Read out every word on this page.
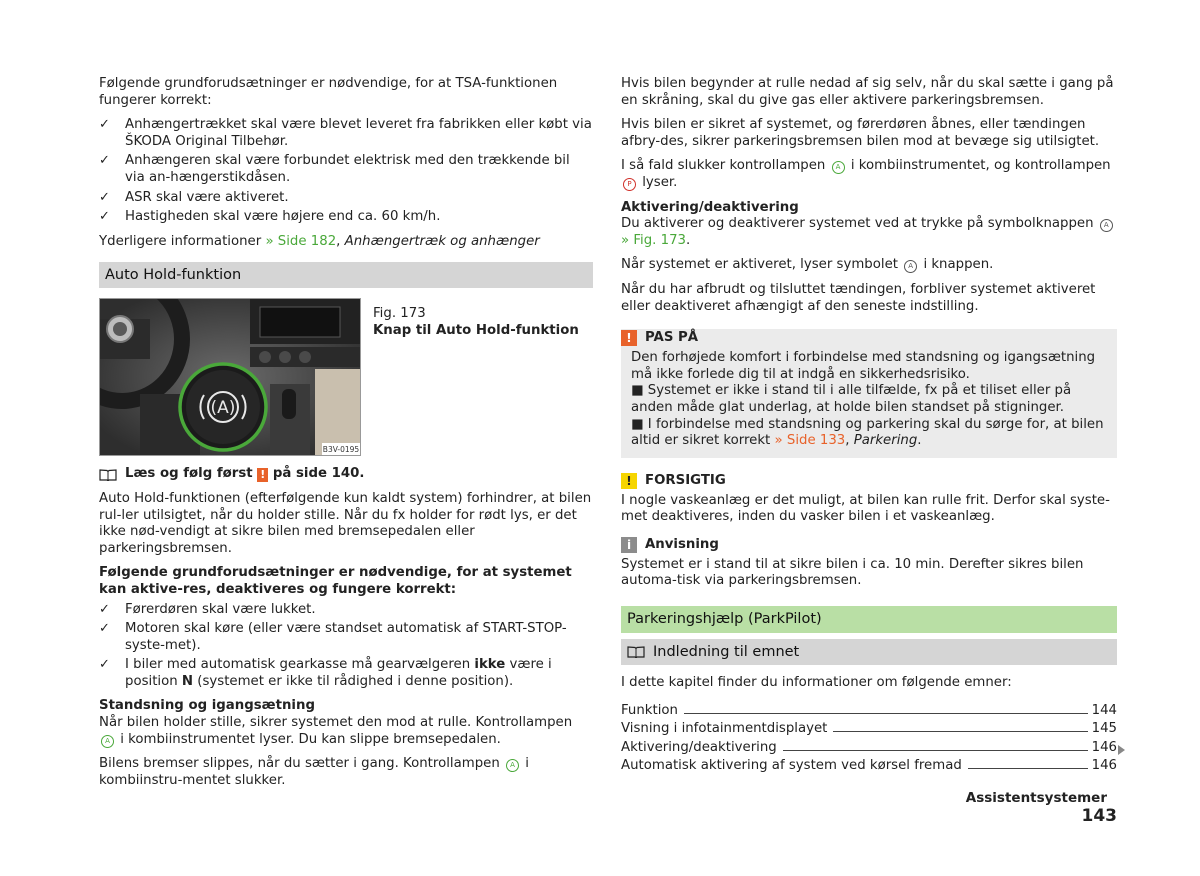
Følgende grundforudsætninger er nødvendige, for at TSA-funktionen fungerer korrekt:

✓ Anhængertrækket skal være blevet leveret fra fabrikken eller købt via ŠKODA Original Tilbehør.
✓ Anhængeren skal være forbundet elektrisk med den trækkende bil via an-hængerstikdåsen.
✓ ASR skal være aktiveret.
✓ Hastigheden skal være højere end ca. 60 km/h.

Yderligere informationer » Side 182, Anhængertræk og anhænger

Auto Hold-funktion
(A)
B3V-0195
Fig. 173
Knap til Auto Hold-funktion

Læs og følg først
!
på side 140.

Auto Hold-funktionen (efterfølgende kun kaldt system) forhindrer, at bilen rul-ler utilsigtet, når du holder stille. Når du fx holder for rødt lys, er det ikke nød-vendigt at sikre bilen med bremsepedalen eller parkeringsbremsen.

Følgende grundforudsætninger er nødvendige, for at systemet kan aktive-res, deaktiveres og fungere korrekt:

✓ Førerdøren skal være lukket.
✓ Motoren skal køre (eller være standset automatisk af START-STOP-syste-met).
✓ I biler med automatisk gearkasse må gearvælgeren ikke være i position N (systemet er ikke til rådighed i denne position).

Standsning og igangsætning

Når bilen holder stille, sikrer systemet den mod at rulle. Kontrollampen A i kombiinstrumentet lyser. Du kan slippe bremsepedalen.

Bilens bremser slippes, når du sætter i gang. Kontrollampen A i kombiinstru-mentet slukker.

Hvis bilen begynder at rulle nedad af sig selv, når du skal sætte i gang på en skråning, skal du give gas eller aktivere parkeringsbremsen.

Hvis bilen er sikret af systemet, og førerdøren åbnes, eller tændingen afbry-des, sikrer parkeringsbremsen bilen mod at bevæge sig utilsigtet.

I så fald slukker kontrollampen A i kombiinstrumentet, og kontrollampen P lyser.

Aktivering/deaktivering

Du aktiverer og deaktiverer systemet ved at trykke på symbolknappen A » Fig. 173.

Når systemet er aktiveret, lyser symbolet A i knappen.

Når du har afbrudt og tilsluttet tændingen, forbliver systemet aktiveret eller deaktiveret afhængigt af den seneste indstilling.

! PAS PÅ
Den forhøjede komfort i forbindelse med standsning og igangsætning må ikke forlede dig til at indgå en sikkerhedsrisiko.
■ Systemet er ikke i stand til i alle tilfælde, fx på et tiliset eller på anden måde glat underlag, at holde bilen standset på stigninger.
■ I forbindelse med standsning og parkering skal du sørge for, at bilen altid er sikret korrekt » Side 133, Parkering.
! FORSIGTIG

I nogle vaskeanlæg er det muligt, at bilen kan rulle frit. Derfor skal syste-met deaktiveres, inden du vasker bilen i et vaskeanlæg.

i	Anvisning

Systemet er i stand til at sikre bilen i ca. 10 min. Derefter sikres bilen automa-tisk via parkeringsbremsen.

Parkeringshjælp (ParkPilot)
Indledning til emnet

I dette kapitel finder du informationer om følgende emner:

Funktion	144
Visning i infotainmentdisplayet	145
Aktivering/deaktivering	146
Automatisk aktivering af system ved kørsel fremad	146
Assistentsystemer 143
